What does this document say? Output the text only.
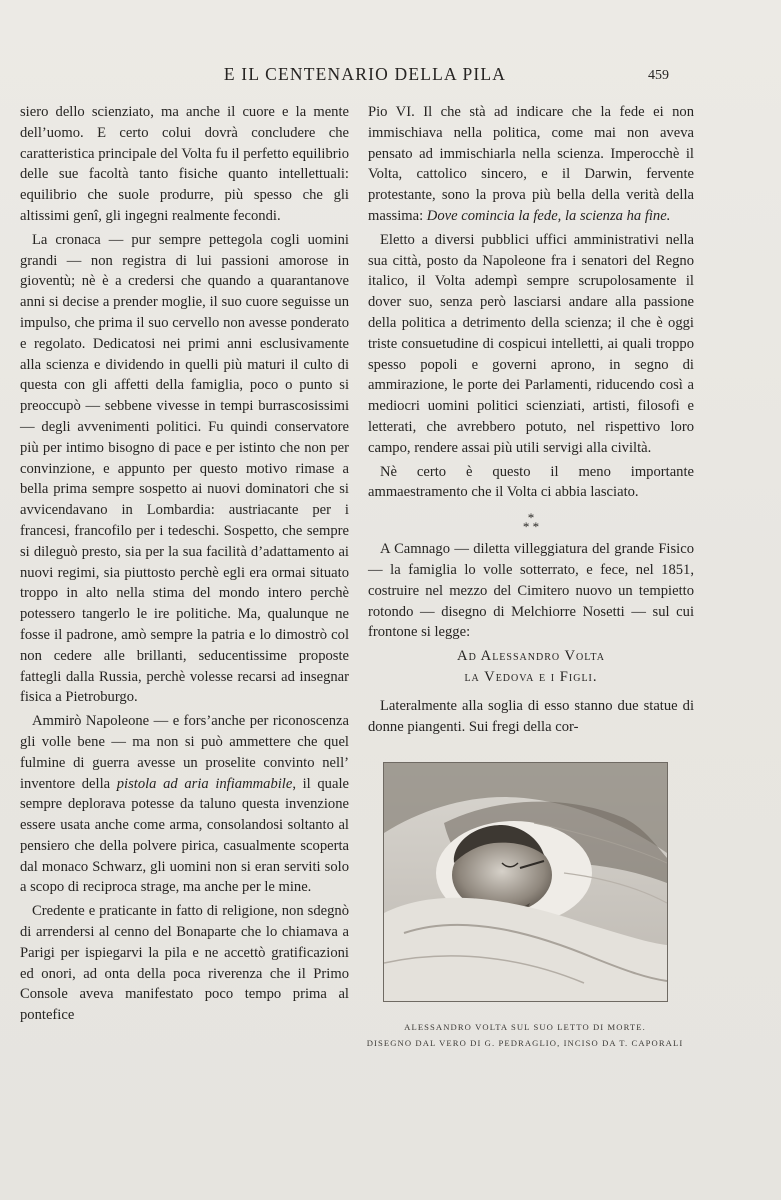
E IL CENTENARIO DELLA PILA	459

siero dello scienziato, ma anche il cuore e la mente dell’uomo. E certo colui dovrà concludere che caratteristica principale del Volta fu il perfetto equilibrio delle sue facoltà tanto fisiche quanto intellettuali: equilibrio che suole produrre, più spesso che gli altissimi genî, gli ingegni realmente fecondi.

La cronaca — pur sempre pettegola cogli uomini grandi — non registra di lui passioni amorose in gioventù; nè è a credersi che quando a quarantanove anni si decise a prender moglie, il suo cuore seguisse un impulso, che prima il suo cervello non avesse ponderato e regolato. Dedicatosi nei primi anni esclusivamente alla scienza e dividendo in quelli più maturi il culto di questa con gli affetti della famiglia, poco o punto si preoccupò — sebbene vivesse in tempi burrascosissimi — degli avvenimenti politici. Fu quindi conservatore più per intimo bisogno di pace e per istinto che non per convinzione, e appunto per questo motivo rimase a bella prima sempre sospetto ai nuovi dominatori che si avvicendavano in Lombardia: austriacante per i francesi, francofilo per i tedeschi. Sospetto, che sempre si dileguò presto, sia per la sua facilità d’adattamento ai nuovi regimi, sia piuttosto perchè egli era ormai situato troppo in alto nella stima del mondo intero perchè potessero tangerlo le ire politiche. Ma, qualunque ne fosse il padrone, amò sempre la patria e lo dimostrò col non cedere alle brillanti, seducentissime proposte fattegli dalla Russia, perchè volesse recarsi ad insegnar fisica a Pietroburgo.

Ammirò Napoleone — e fors’anche per riconoscenza gli volle bene — ma non si può ammettere che quel fulmine di guerra avesse un proselite convinto nell’ inventore della pistola ad aria infiammabile, il quale sempre deplorava potesse da taluno questa invenzione essere usata anche come arma, consolandosi soltanto al pensiero che della polvere pirica, casualmente scoperta dal monaco Schwarz, gli uomini non si eran serviti solo a scopo di reciproca strage, ma anche per le mine.

Credente e praticante in fatto di religione, non sdegnò di arrendersi al cenno del Bonaparte che lo chiamava a Parigi per ispiegarvi la pila e ne accettò gratificazioni ed onori, ad onta della poca riverenza che il Primo Console aveva manifestato poco tempo prima al pontefice

Pio VI. Il che stà ad indicare che la fede ei non immischiava nella politica, come mai non aveva pensato ad immischiarla nella scienza. Imperocchè il Volta, cattolico sincero, e il Darwin, fervente protestante, sono la prova più bella della verità della massima: Dove comincia la fede, la scienza ha fine.

Eletto a diversi pubblici uffici amministrativi nella sua città, posto da Napoleone fra i senatori del Regno italico, il Volta adempì sempre scrupolosamente il dover suo, senza però lasciarsi andare alla passione della politica a detrimento della scienza; il che è oggi triste consuetudine di cospicui intelletti, ai quali troppo spesso popoli e governi aprono, in segno di ammirazione, le porte dei Parlamenti, riducendo così a mediocri uomini politici scienziati, artisti, filosofi e letterati, che avrebbero potuto, nel rispettivo loro campo, rendere assai più utili servigi alla civiltà.

Nè certo è questo il meno importante ammaestramento che il Volta ci abbia lasciato.

*
* *

A Camnago — diletta villeggiatura del grande Fisico — la famiglia lo volle sotterrato, e fece, nel 1851, costruire nel mezzo del Cimitero nuovo un tempietto rotondo — disegno di Melchiorre Nosetti — sul cui frontone si legge:

Ad Alessandro Volta

la Vedova e i Figli.

Lateralmente alla soglia di esso stanno due statue di donne piangenti. Sui fregi della cor-

ALESSANDRO VOLTA SUL SUO LETTO DI MORTE.
DISEGNO DAL VERO DI G. PEDRAGLIO, INCISO DA T. CAPORALI
